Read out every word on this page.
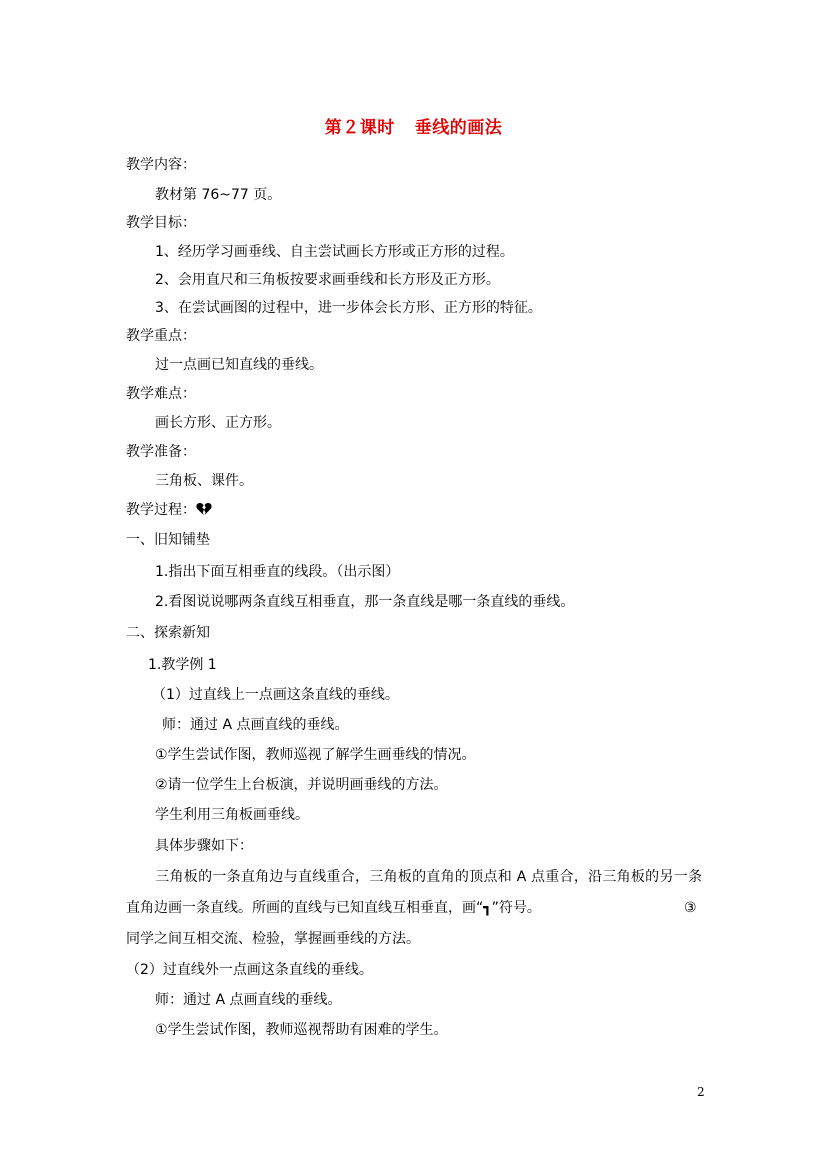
第２课时 垂线的画法
教学内容：
教材第 76~77 页。
教学目标：
1、经历学习画垂线、自主尝试画长方形或正方形的过程。
2、会用直尺和三角板按要求画垂线和长方形及正方形。
3、在尝试画图的过程中，进一步体会长方形、正方形的特征。
教学重点：
过一点画已知直线的垂线。
教学难点：
画长方形、正方形。
教学准备：
三角板、课件。
教学过程：
一、旧知铺垫
1.指出下面互相垂直的线段。（出示图）
2.看图说说哪两条直线互相垂直，那一条直线是哪一条直线的垂线。
二、探索新知
1.教学例 1
（1）过直线上一点画这条直线的垂线。
师：通过 A 点画直线的垂线。
①学生尝试作图，教师巡视了解学生画垂线的情况。
②请一位学生上台板演，并说明画垂线的方法。
学生利用三角板画垂线。
具体步骤如下：
三角板的一条直角边与直线重合，三角板的直角的顶点和 A 点重合，沿三角板的另一条
直角边画一条直线。所画的直线与已知直线互相垂直，画“┓”符号。	③
同学之间互相交流、检验，掌握画垂线的方法。
（2）过直线外一点画这条直线的垂线。
师：通过 A 点画直线的垂线。
①学生尝试作图，教师巡视帮助有困难的学生。
2
